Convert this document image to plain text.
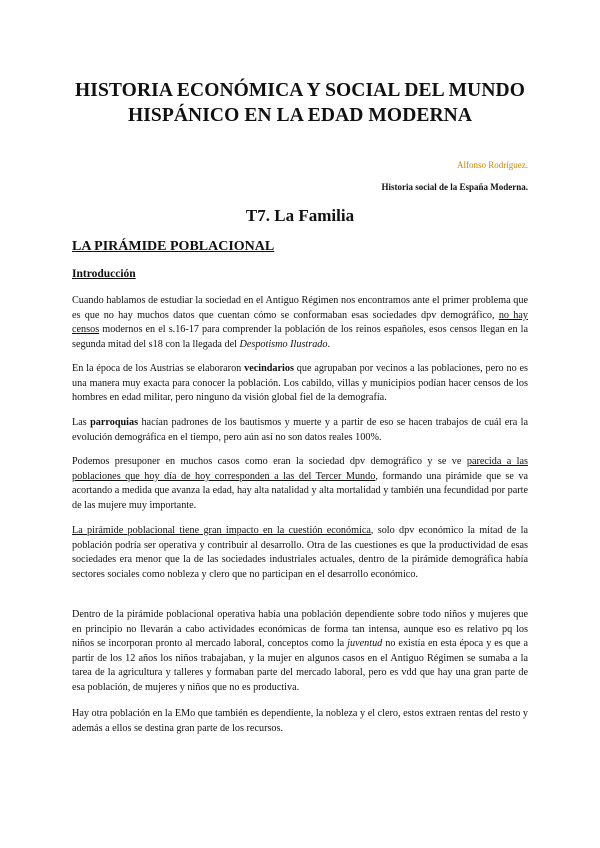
HISTORIA ECONÓMICA Y SOCIAL DEL MUNDO HISPÁNICO EN LA EDAD MODERNA

Alfonso Rodríguez.

Historia social de la España Moderna.

T7. La Familia
LA PIRÁMIDE POBLACIONAL
Introducción

Cuando hablamos de estudiar la sociedad en el Antiguo Régimen nos encontramos ante el primer problema que es que no hay muchos datos que cuentan cómo se conformaban esas sociedades dpv demográfico, no hay censos modernos en el s.16-17 para comprender la población de los reinos españoles, esos censos llegan en la segunda mitad del s18 con la llegada del Despotismo Ilustrado.

En la época de los Austrias se elaboraron vecindarios que agrupaban por vecinos a las poblaciones, pero no es una manera muy exacta para conocer la población. Los cabildo, villas y municipios podían hacer censos de los hombres en edad militar, pero ninguno da visión global fiel de la demografía.

Las parroquias hacían padrones de los bautismos y muerte y a partir de eso se hacen trabajos de cuál era la evolución demográfica en el tiempo, pero aún así no son datos reales 100%.

Podemos presuponer en muchos casos como eran la sociedad dpv demográfico y se ve parecida a las poblaciones que hoy día de hoy corresponden a las del Tercer Mundo, formando una pirámide que se va acortando a medida que avanza la edad, hay alta natalidad y alta mortalidad y también una fecundidad por parte de las mujere muy importante.

La pirámide poblacional tiene gran impacto en la cuestión económica, solo dpv económico la mitad de la población podría ser operativa y contribuir al desarrollo. Otra de las cuestiones es que la productividad de esas sociedades era menor que la de las sociedades industriales actuales, dentro de la pirámide demográfica había sectores sociales como nobleza y clero que no participan en el desarrollo económico.

Dentro de la pirámide poblacional operativa había una población dependiente sobre todo niños y mujeres que en principio no llevarán a cabo actividades económicas de forma tan intensa, aunque eso es relativo pq los niños se incorporan pronto al mercado laboral, conceptos como la juventud no existía en esta época y es que a partir de los 12 años los niños trabajaban, y la mujer en algunos casos en el Antiguo Régimen se sumaba a la tarea de la agricultura y talleres y formaban parte del mercado laboral, pero es vdd que hay una gran parte de esa población, de mujeres y niños que no es productiva.

Hay otra población en la EMo que también es dependiente, la nobleza y el clero, estos extraen rentas del resto y además a ellos se destina gran parte de los recursos.
